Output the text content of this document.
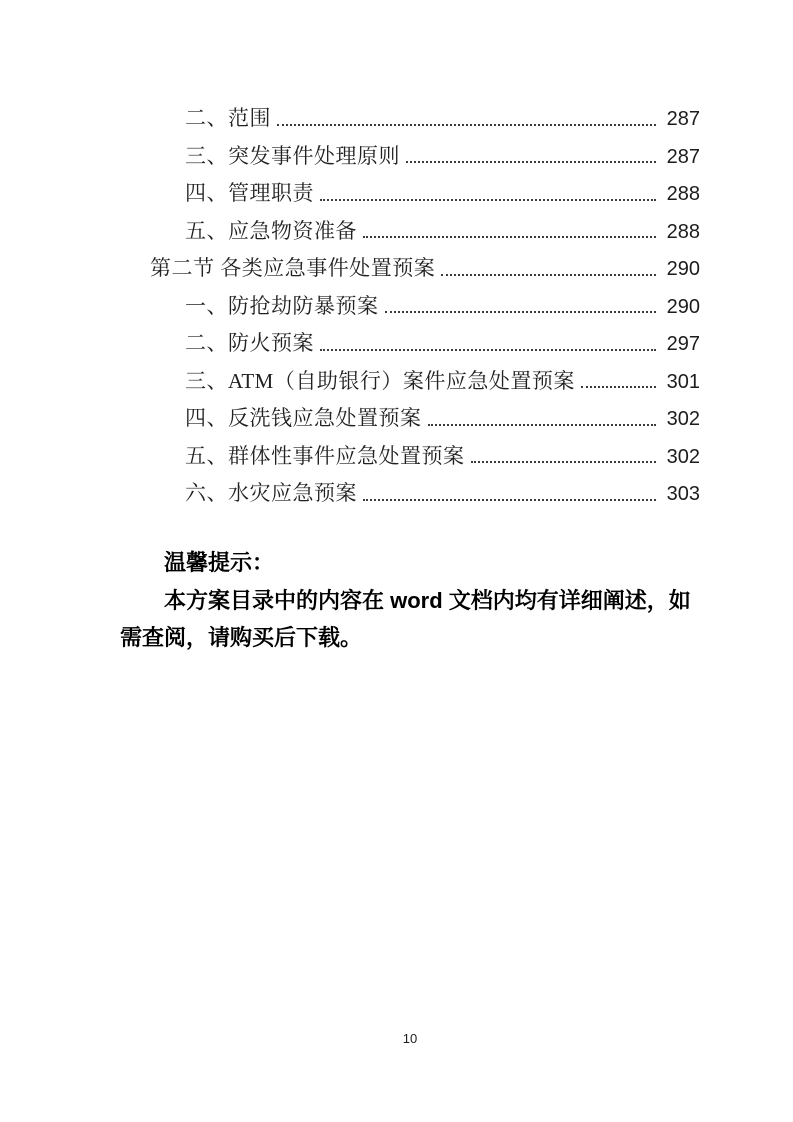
二、范围	287
三、突发事件处理原则	287
四、管理职责	288
五、应急物资准备	288
第二节 各类应急事件处置预案	290
一、防抢劫防暴预案	290
二、防火预案	297
三、ATM（自助银行）案件应急处置预案	301
四、反洗钱应急处置预案	302
五、群体性事件应急处置预案	302
六、水灾应急预案	303

温馨提示：

本方案目录中的内容在 word 文档内均有详细阐述，如

需查阅，请购买后下载。

10
